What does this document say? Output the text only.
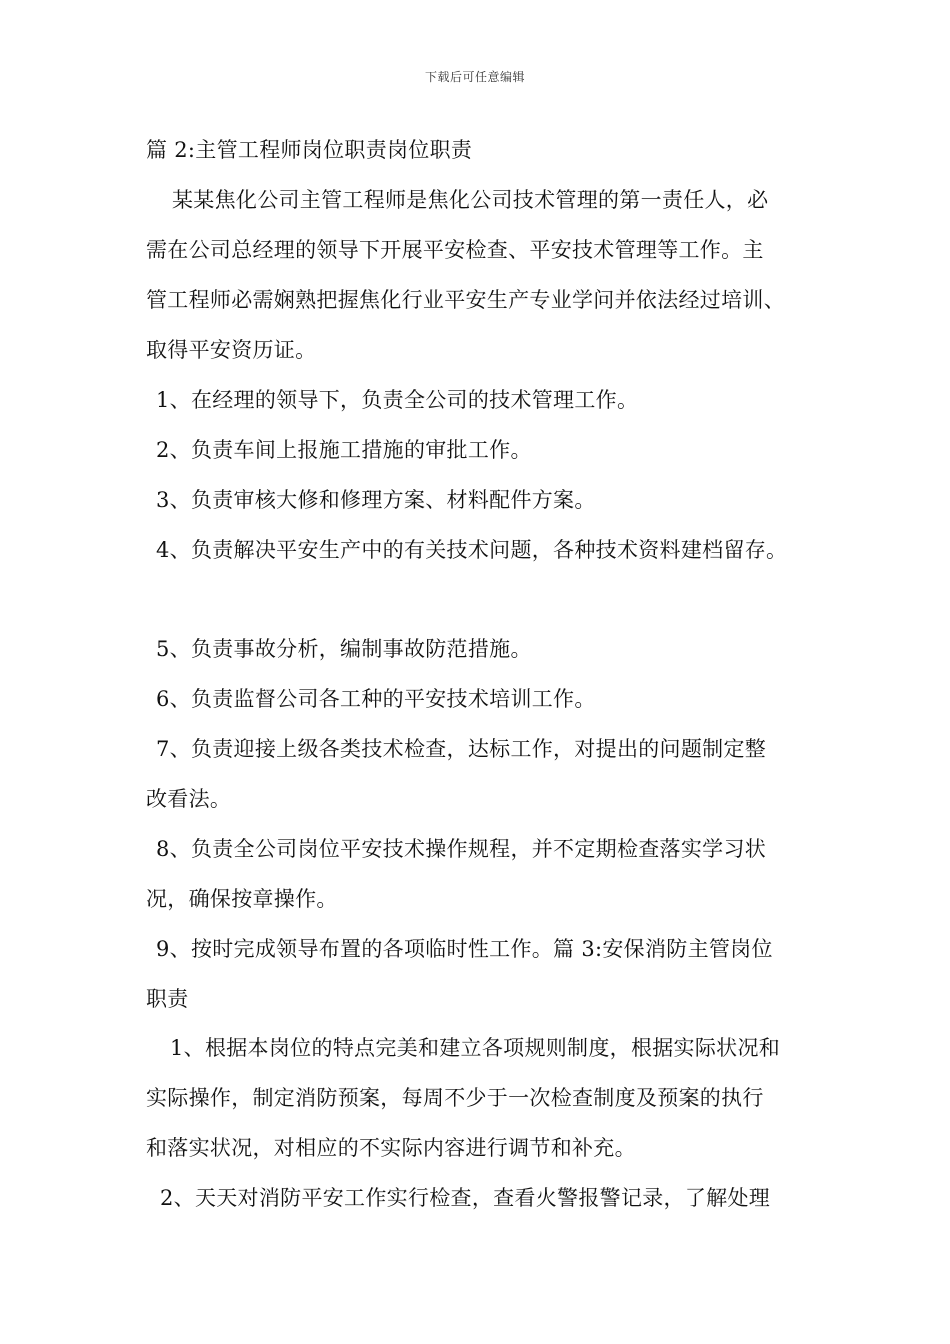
下载后可任意编辑
篇 2:主管工程师岗位职责岗位职责
某某焦化公司主管工程师是焦化公司技术管理的第一责任人，必
需在公司总经理的领导下开展平安检查、平安技术管理等工作。主
管工程师必需娴熟把握焦化行业平安生产专业学问并依法经过培训、
取得平安资历证。
1、在经理的领导下，负责全公司的技术管理工作。
2、负责车间上报施工措施的审批工作。
3、负责审核大修和修理方案、材料配件方案。
4、负责解决平安生产中的有关技术问题，各种技术资料建档留存。
5、负责事故分析，编制事故防范措施。
6、负责监督公司各工种的平安技术培训工作。
7、负责迎接上级各类技术检查，达标工作，对提出的问题制定整
改看法。
8、负责全公司岗位平安技术操作规程，并不定期检查落实学习状
况，确保按章操作。
9、按时完成领导布置的各项临时性工作。篇 3:安保消防主管岗位
职责
1、根据本岗位的特点完美和建立各项规则制度，根据实际状况和
实际操作，制定消防预案，每周不少于一次检查制度及预案的执行
和落实状况，对相应的不实际内容进行调节和补充。
2、天天对消防平安工作实行检查，查看火警报警记录，了解处理
